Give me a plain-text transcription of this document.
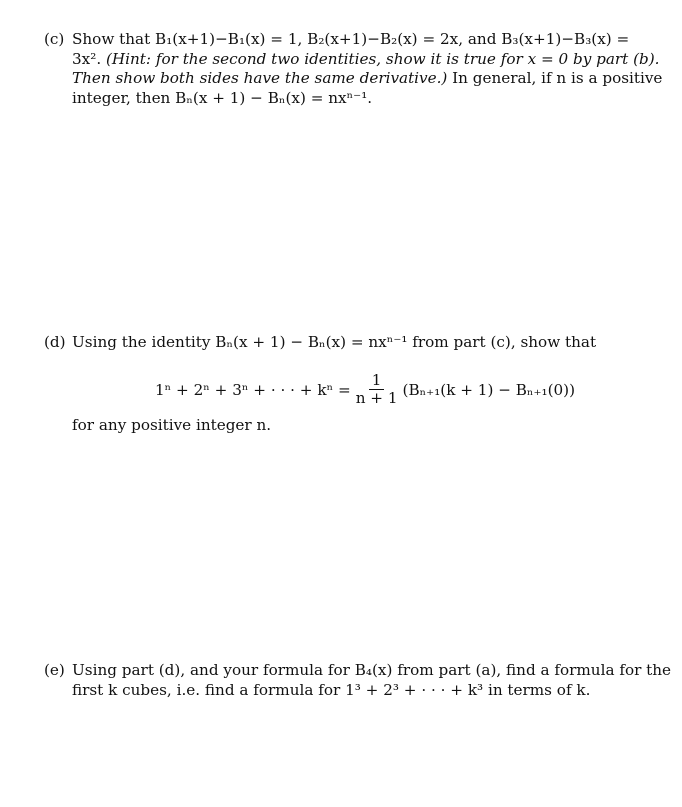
(c) Show that B₁(x+1)−B₁(x) = 1, B₂(x+1)−B₂(x) = 2x, and B₃(x+1)−B₃(x) =
3x². (Hint: for the second two identities, show it is true for x = 0 by part (b).
Then show both sides have the same derivative.) In general, if n is a positive
integer, then Bₙ(x + 1) − Bₙ(x) = nxⁿ⁻¹.
(d) Using the identity Bₙ(x + 1) − Bₙ(x) = nxⁿ⁻¹ from part (c), show that
1ⁿ + 2ⁿ + 3ⁿ + · · · + $k^n = \frac{1}{n + 1} (B_{n+1}(k + 1) - B_{n+1}(0))$
for any positive integer n.
(e) Using part (d), and your formula for B₄(x) from part (a), find a formula for the
first k cubes, i.e. find a formula for 1³ + 2³ + · · · + k³ in terms of k.
